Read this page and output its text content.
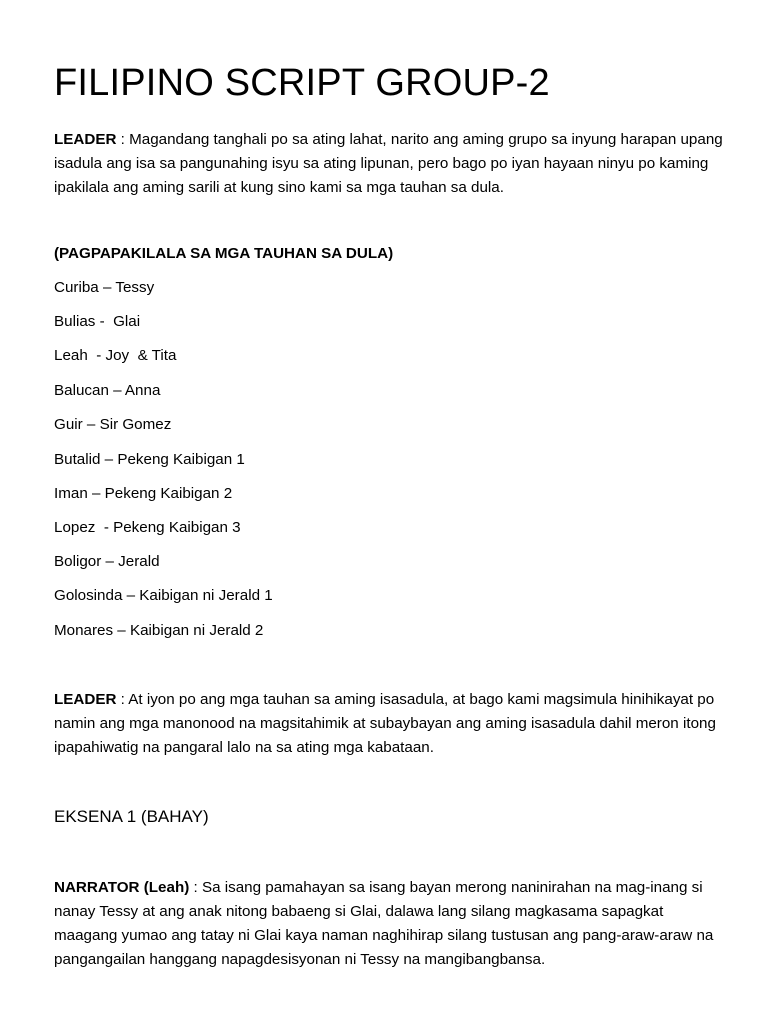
FILIPINO SCRIPT GROUP-2

LEADER : Magandang tanghali po sa ating lahat, narito ang aming grupo sa inyung harapan upang isadula ang isa sa pangunahing isyu sa ating lipunan, pero bago po iyan hayaan ninyu po kaming ipakilala ang aming sarili at kung sino kami sa mga tauhan sa dula.

(PAGPAPAKILALA SA MGA TAUHAN SA DULA)

Curiba – Tessy

Bulias -  Glai

Leah  - Joy  & Tita

Balucan – Anna

Guir – Sir Gomez

Butalid – Pekeng Kaibigan 1

Iman – Pekeng Kaibigan 2

Lopez  - Pekeng Kaibigan 3

Boligor – Jerald

Golosinda – Kaibigan ni Jerald 1

Monares – Kaibigan ni Jerald 2

LEADER : At iyon po ang mga tauhan sa aming isasadula, at bago kami magsimula hinihikayat po namin ang mga manonood na magsitahimik at subaybayan ang aming isasadula dahil meron itong ipapahiwatig na pangaral lalo na sa ating mga kabataan.

EKSENA 1 (BAHAY)

NARRATOR (Leah) : Sa isang pamahayan sa isang bayan merong naninirahan na mag-inang si nanay Tessy at ang anak nitong babaeng si Glai, dalawa lang silang magkasama sapagkat maagang yumao ang tatay ni Glai kaya naman naghihirap silang tustusan ang pang-araw-araw na pangangailan hanggang napagdesisyonan ni Tessy na mangibangbansa.
